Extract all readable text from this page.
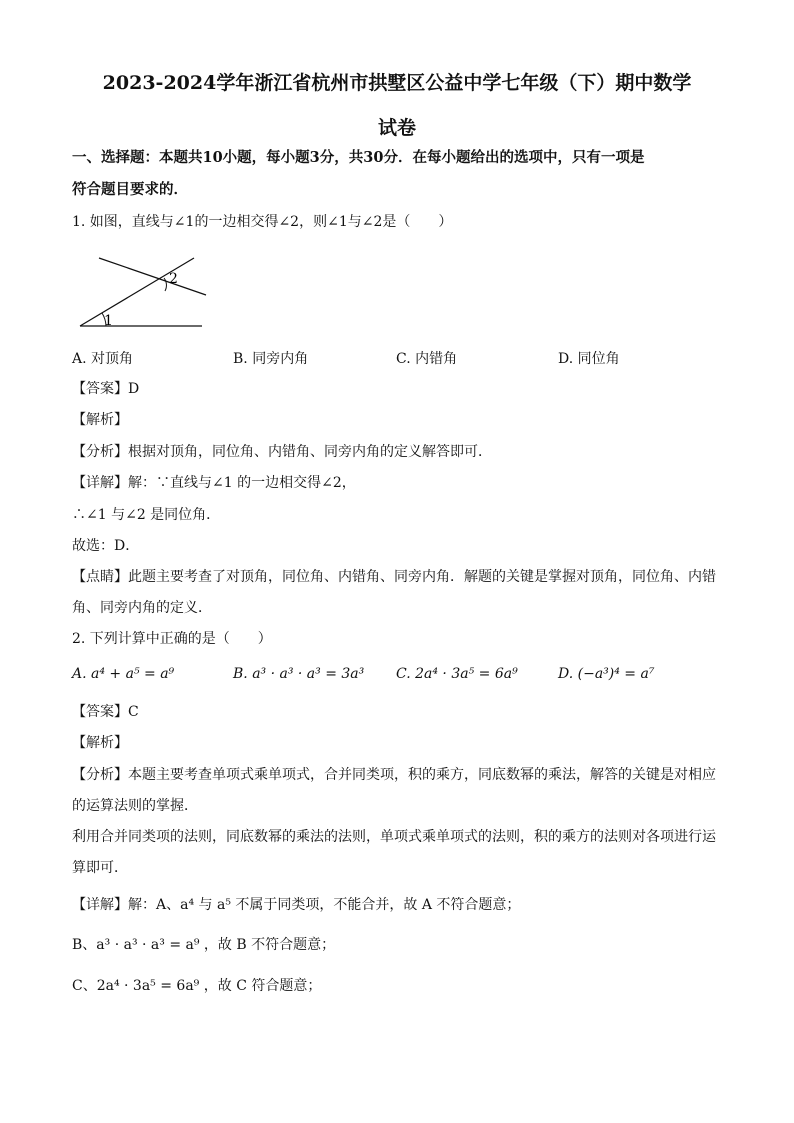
2023-2024学年浙江省杭州市拱墅区公益中学七年级（下）期中数学
试卷
一、选择题：本题共10小题，每小题3分，共30分．在每小题给出的选项中，只有一项是
符合题目要求的．
1. 如图，直线与∠1的一边相交得∠2，则∠1与∠2是（　　）
1
2
A. 对顶角	B. 同旁内角	C. 内错角	D. 同位角
【答案】D
【解析】
【分析】根据对顶角，同位角、内错角、同旁内角的定义解答即可．
【详解】解：∵直线与∠1 的一边相交得∠2，
∴∠1 与∠2 是同位角．
故选：D．
【点睛】此题主要考查了对顶角，同位角、内错角、同旁内角．解题的关键是掌握对顶角，同位角、内错
角、同旁内角的定义．
2. 下列计算中正确的是（　　）
A. a⁴ + a⁵ = a⁹	B. a³ · a³ · a³ = 3a³ C. 2a⁴ · 3a⁵ = 6a⁹	D. (−a³)⁴ = a⁷
【答案】C
【解析】
【分析】本题主要考查单项式乘单项式，合并同类项，积的乘方，同底数幂的乘法，解答的关键是对相应
的运算法则的掌握．
利用合并同类项的法则，同底数幂的乘法的法则，单项式乘单项式的法则，积的乘方的法则对各项进行运
算即可．
【详解】解：A、a⁴ 与 a⁵ 不属于同类项，不能合并，故 A 不符合题意；
B、a³ · a³ · a³ = a⁹ ，故 B 不符合题意；
C、2a⁴ · 3a⁵ = 6a⁹ ，故 C 符合题意；
